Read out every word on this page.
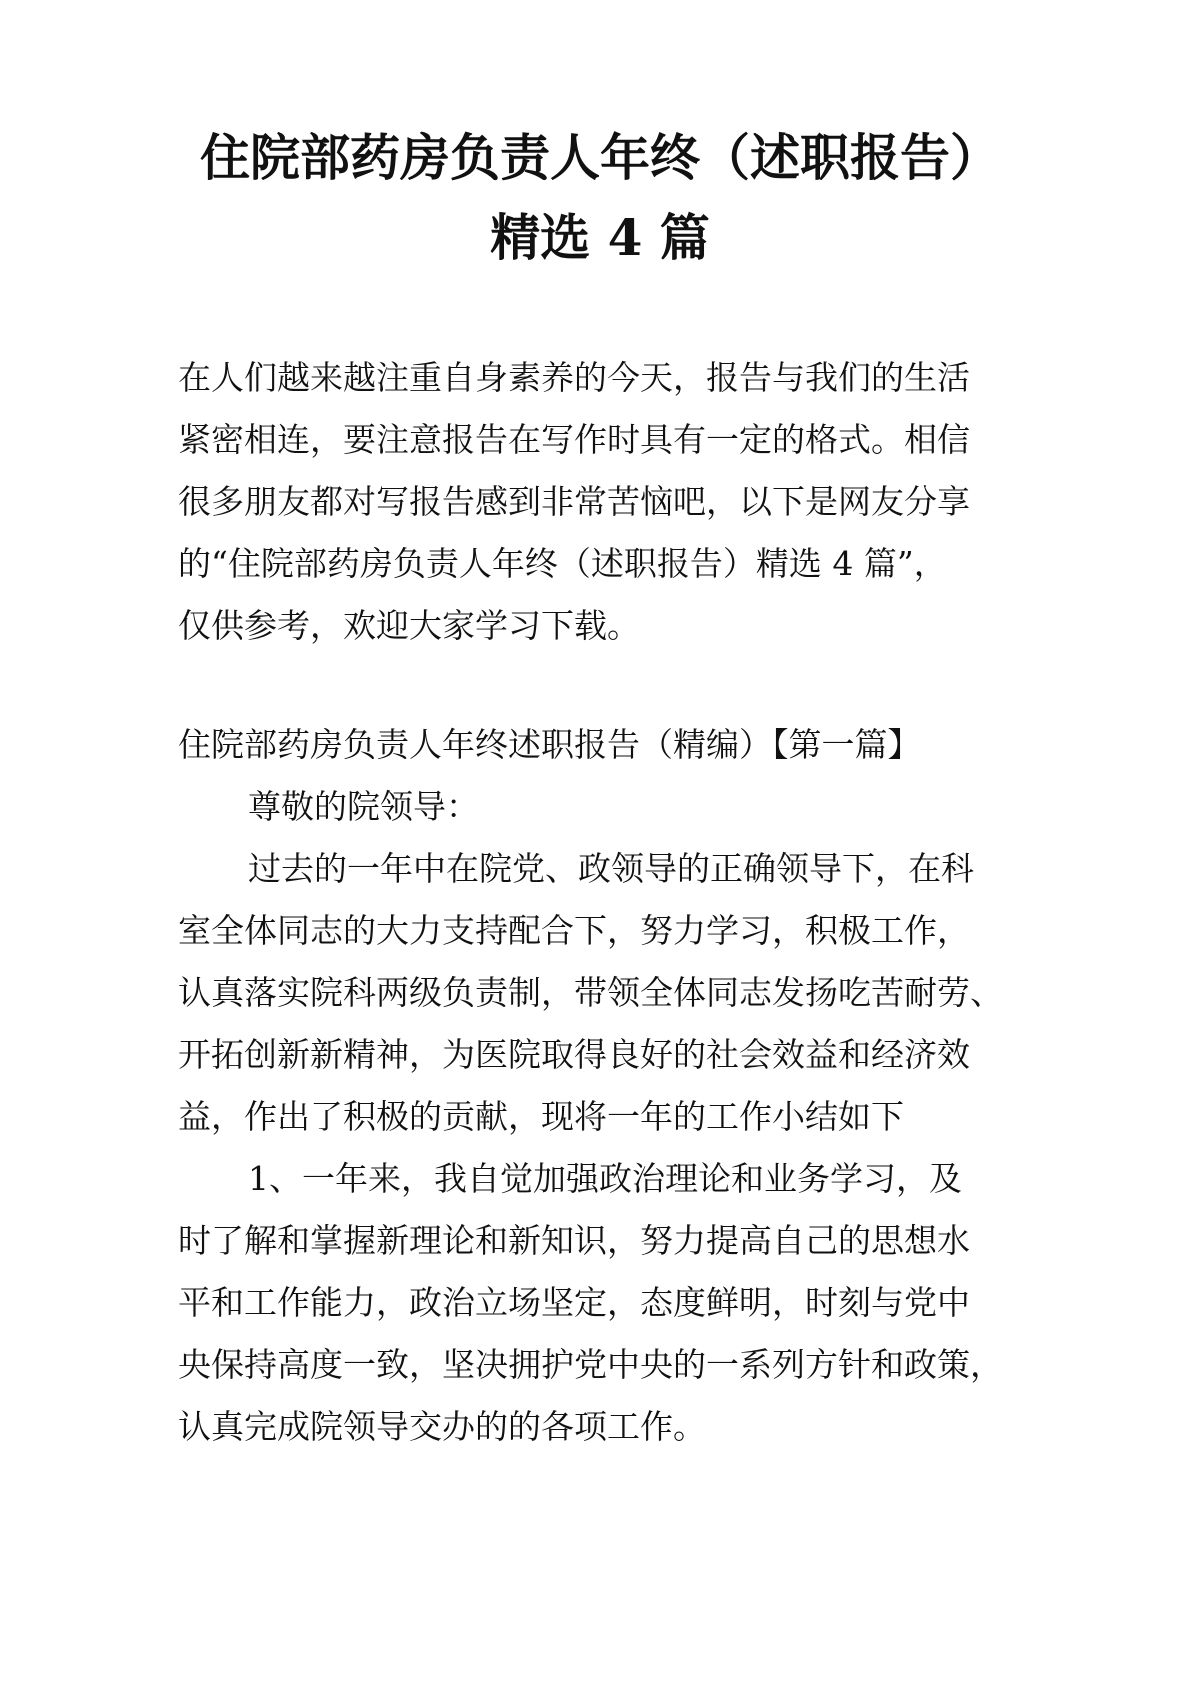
住院部药房负责人年终（述职报告）
精选 4 篇
在人们越来越注重自身素养的今天，报告与我们的生活
紧密相连，要注意报告在写作时具有一定的格式。相信
很多朋友都对写报告感到非常苦恼吧，以下是网友分享
的“住院部药房负责人年终（述职报告）精选 4 篇”，
仅供参考，欢迎大家学习下载。
住院部药房负责人年终述职报告（精编）【第一篇】
尊敬的院领导：
过去的一年中在院党、政领导的正确领导下，在科
室全体同志的大力支持配合下，努力学习，积极工作，
认真落实院科两级负责制，带领全体同志发扬吃苦耐劳、
开拓创新新精神，为医院取得良好的社会效益和经济效
益，作出了积极的贡献，现将一年的工作小结如下
1、一年来，我自觉加强政治理论和业务学习，及
时了解和掌握新理论和新知识，努力提高自己的思想水
平和工作能力，政治立场坚定，态度鲜明，时刻与党中
央保持高度一致，坚决拥护党中央的一系列方针和政策，
认真完成院领导交办的的各项工作。
